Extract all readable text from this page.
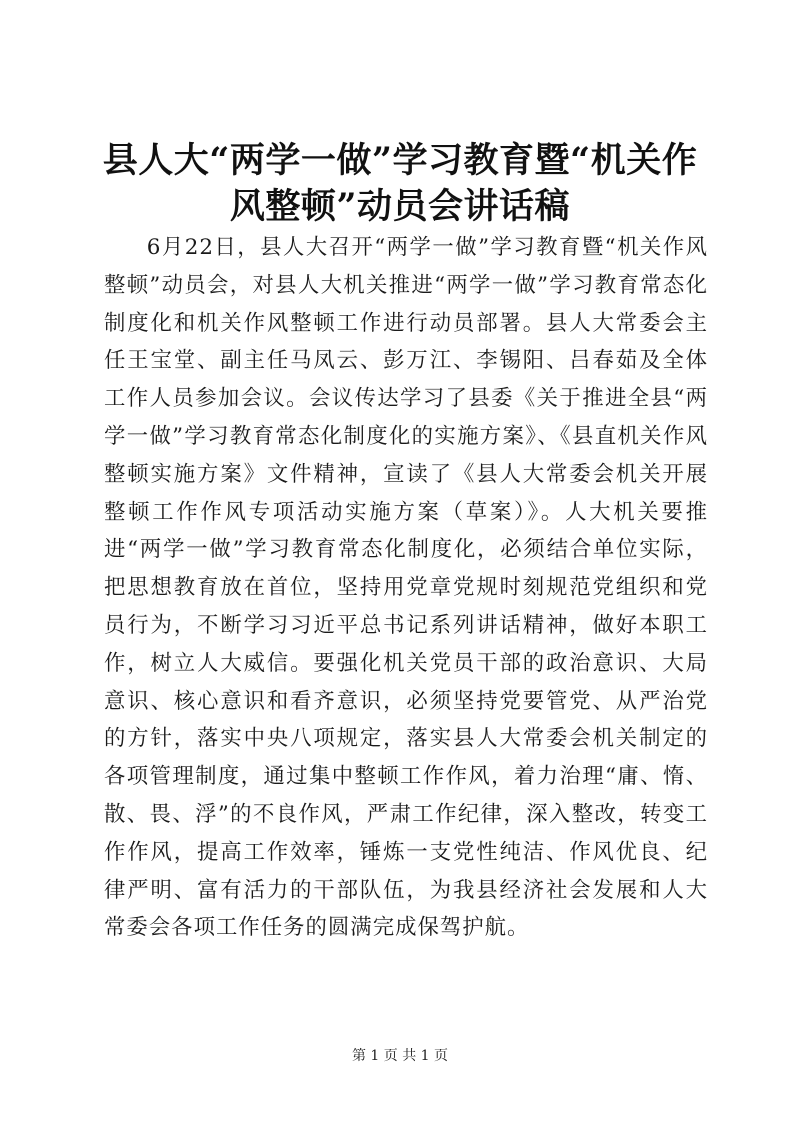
县人大“两学一做”学习教育暨“机关作风整顿”动员会讲话稿

6月22日，县人大召开“两学一做”学习教育暨“机关作风整顿”动员会，对县人大机关推进“两学一做”学习教育常态化制度化和机关作风整顿工作进行动员部署。县人大常委会主任王宝堂、副主任马凤云、彭万江、李锡阳、吕春茹及全体工作人员参加会议。会议传达学习了县委《关于推进全县“两学一做”学习教育常态化制度化的实施方案》、《县直机关作风整顿实施方案》文件精神，宣读了《县人大常委会机关开展整顿工作作风专项活动实施方案（草案）》。人大机关要推进“两学一做”学习教育常态化制度化，必须结合单位实际，把思想教育放在首位，坚持用党章党规时刻规范党组织和党员行为，不断学习习近平总书记系列讲话精神，做好本职工作，树立人大威信。要强化机关党员干部的政治意识、大局意识、核心意识和看齐意识，必须坚持党要管党、从严治党的方针，落实中央八项规定，落实县人大常委会机关制定的各项管理制度，通过集中整顿工作作风，着力治理“庸、惰、散、畏、浮”的不良作风，严肃工作纪律，深入整改，转变工作作风，提高工作效率，锤炼一支党性纯洁、作风优良、纪律严明、富有活力的干部队伍，为我县经济社会发展和人大常委会各项工作任务的圆满完成保驾护航。

第 1 页 共 1 页
